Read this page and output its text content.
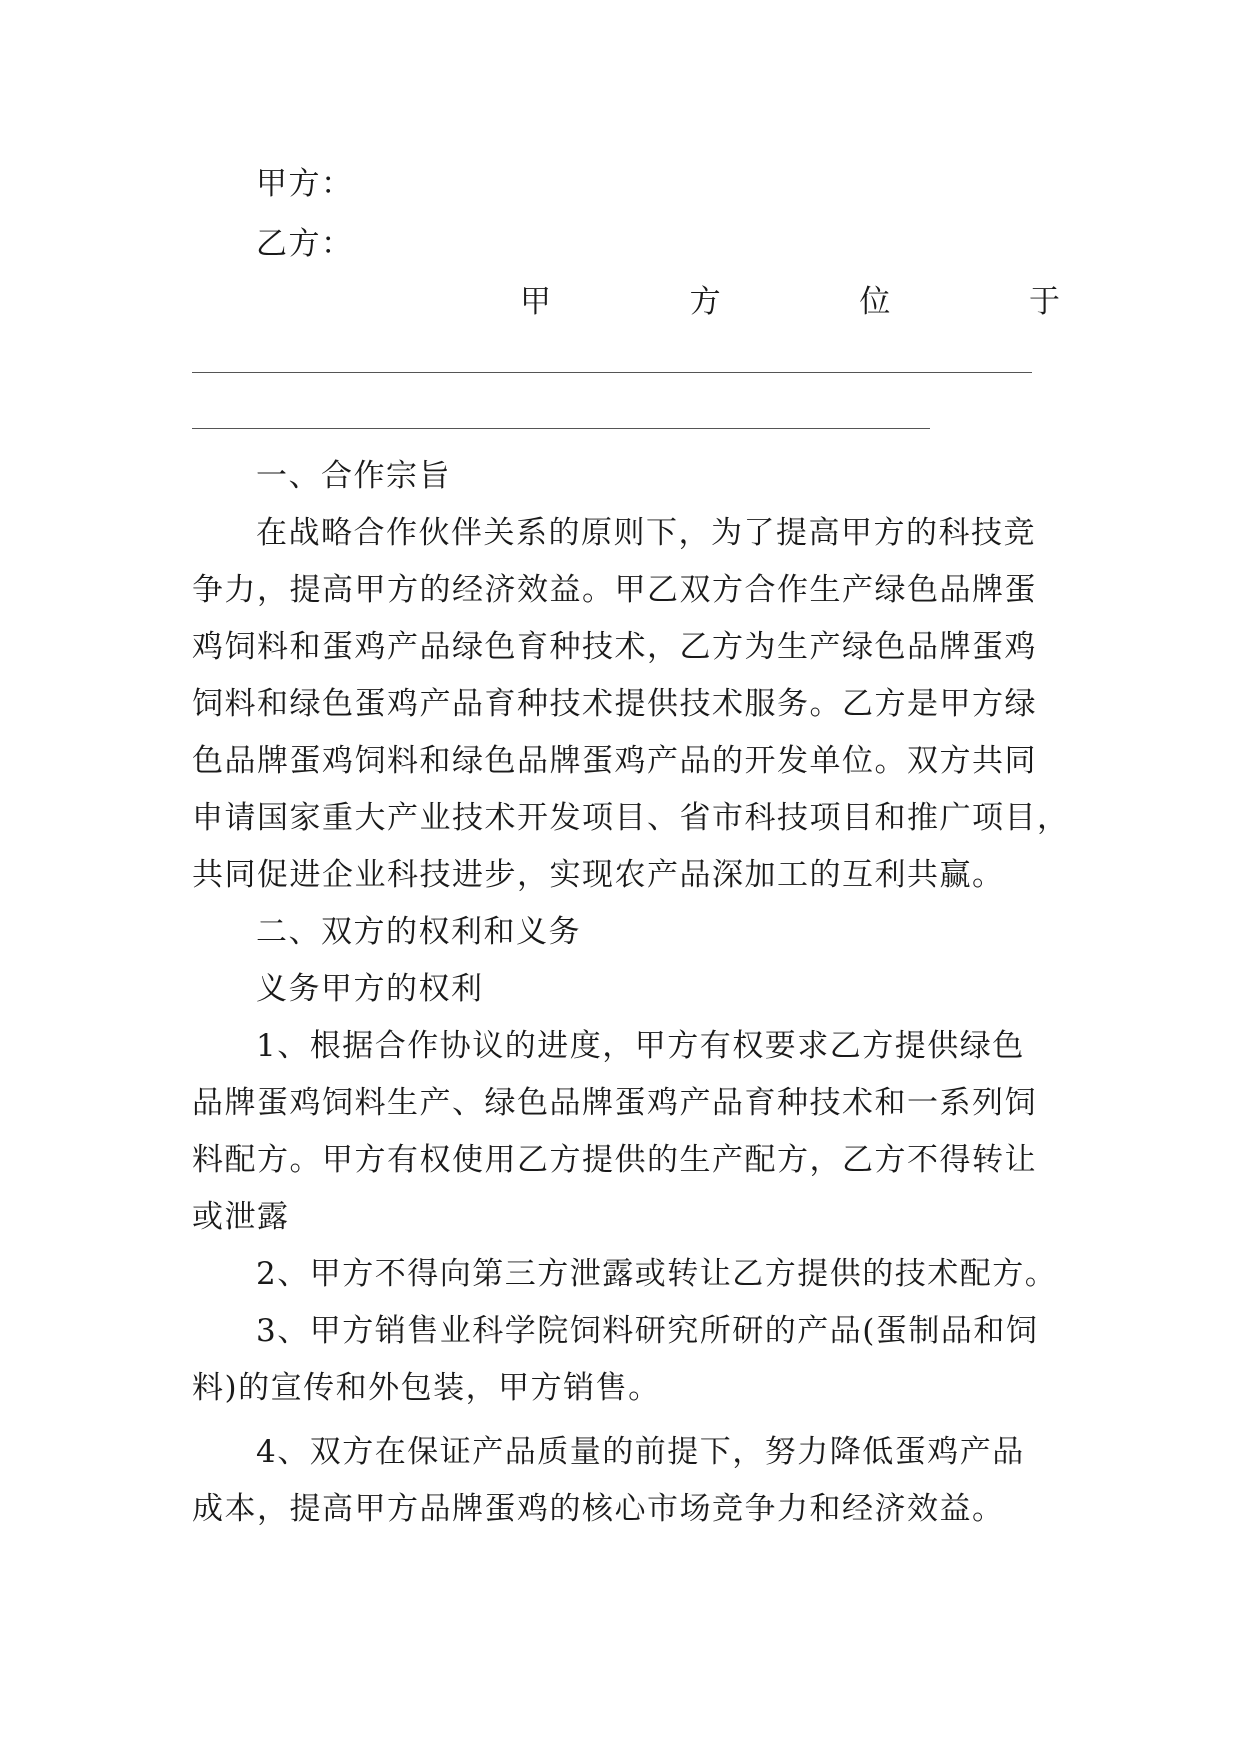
甲方：
乙方：
甲	方	位	于
一、合作宗旨
在战略合作伙伴关系的原则下，为了提高甲方的科技竞
争力，提高甲方的经济效益。甲乙双方合作生产绿色品牌蛋
鸡饲料和蛋鸡产品绿色育种技术，乙方为生产绿色品牌蛋鸡
饲料和绿色蛋鸡产品育种技术提供技术服务。乙方是甲方绿
色品牌蛋鸡饲料和绿色品牌蛋鸡产品的开发单位。双方共同
申请国家重大产业技术开发项目、省市科技项目和推广项目，
共同促进企业科技进步，实现农产品深加工的互利共赢。
二、双方的权利和义务
义务甲方的权利
1、根据合作协议的进度，甲方有权要求乙方提供绿色
品牌蛋鸡饲料生产、绿色品牌蛋鸡产品育种技术和一系列饲
料配方。甲方有权使用乙方提供的生产配方，乙方不得转让
或泄露
2、甲方不得向第三方泄露或转让乙方提供的技术配方。
3、甲方销售业科学院饲料研究所研的产品(蛋制品和饲
料)的宣传和外包装，甲方销售。
4、双方在保证产品质量的前提下，努力降低蛋鸡产品
成本，提高甲方品牌蛋鸡的核心市场竞争力和经济效益。
